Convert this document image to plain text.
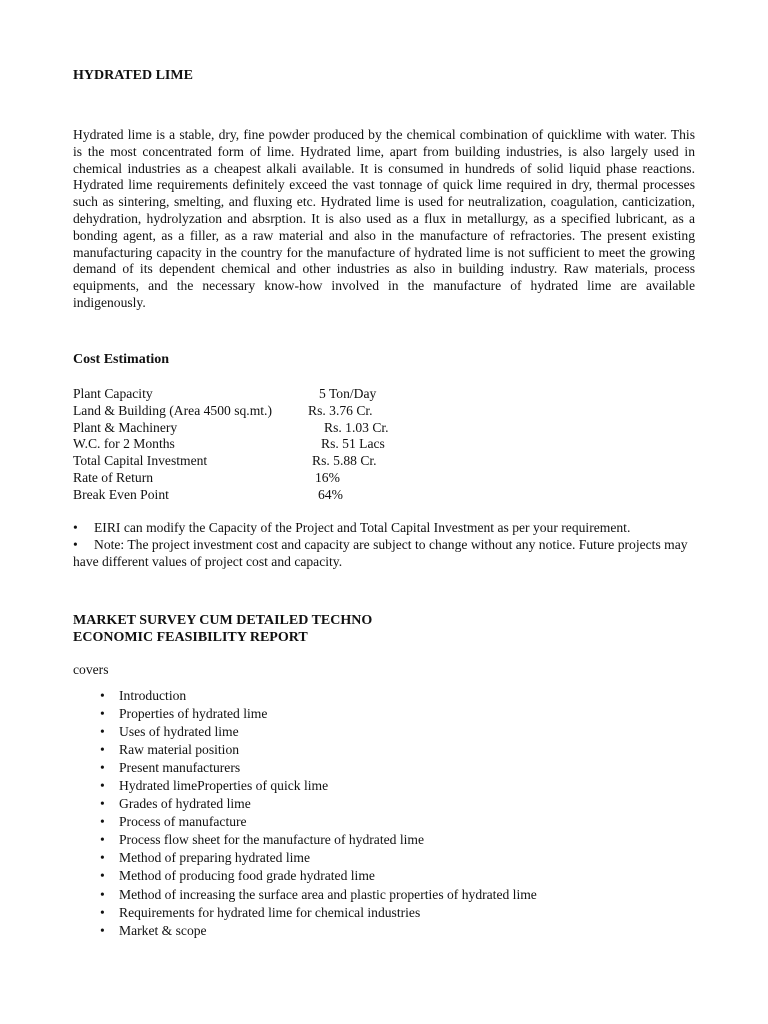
HYDRATED LIME

Hydrated lime is a stable, dry, fine powder produced by the chemical combination of quicklime with water. This is the most concentrated form of lime. Hydrated lime, apart from building industries, is also largely used in chemical industries as a cheapest alkali available. It is consumed in hundreds of solid liquid phase reactions. Hydrated lime requirements definitely exceed the vast tonnage of quick lime required in dry, thermal processes such as sintering, smelting, and fluxing etc. Hydrated lime is used for neutralization, coagulation, canticization, dehydration, hydrolyzation and absrption. It is also used as a flux in metallurgy, as a specified lubricant, as a bonding agent, as a filler, as a raw material and also in the manufacture of refractories. The present existing manufacturing capacity in the country for the manufacture of hydrated lime is not sufficient to meet the growing demand of its dependent chemical and other industries as also in building industry. Raw materials, process equipments, and the necessary know-how involved in the manufacture of hydrated lime are available indigenously.

Cost Estimation
Plant Capacity	5 Ton/Day
Land & Building (Area 4500 sq.mt.)	Rs. 3.76 Cr.
Plant & Machinery	Rs. 1.03 Cr.
W.C. for 2 Months	Rs. 51 Lacs
Total Capital Investment	Rs. 5.88 Cr.
Rate of Return	16%
Break Even Point	64%
• EIRI can modify the Capacity of the Project and Total Capital Investment as per your requirement.
• Note: The project investment cost and capacity are subject to change without any notice. Future projects may have different values of project cost and capacity.
MARKET SURVEY CUM DETAILED TECHNO
ECONOMIC FEASIBILITY REPORT
covers
• Introduction
• Properties of hydrated lime
• Uses of hydrated lime
• Raw material position
• Present manufacturers
• Hydrated limeProperties of quick lime
• Grades of hydrated lime
• Process of manufacture
• Process flow sheet for the manufacture of hydrated lime
• Method of preparing hydrated lime
• Method of producing food grade hydrated lime
• Method of increasing the surface area and plastic properties of hydrated lime
• Requirements for hydrated lime for chemical industries
• Market & scope
